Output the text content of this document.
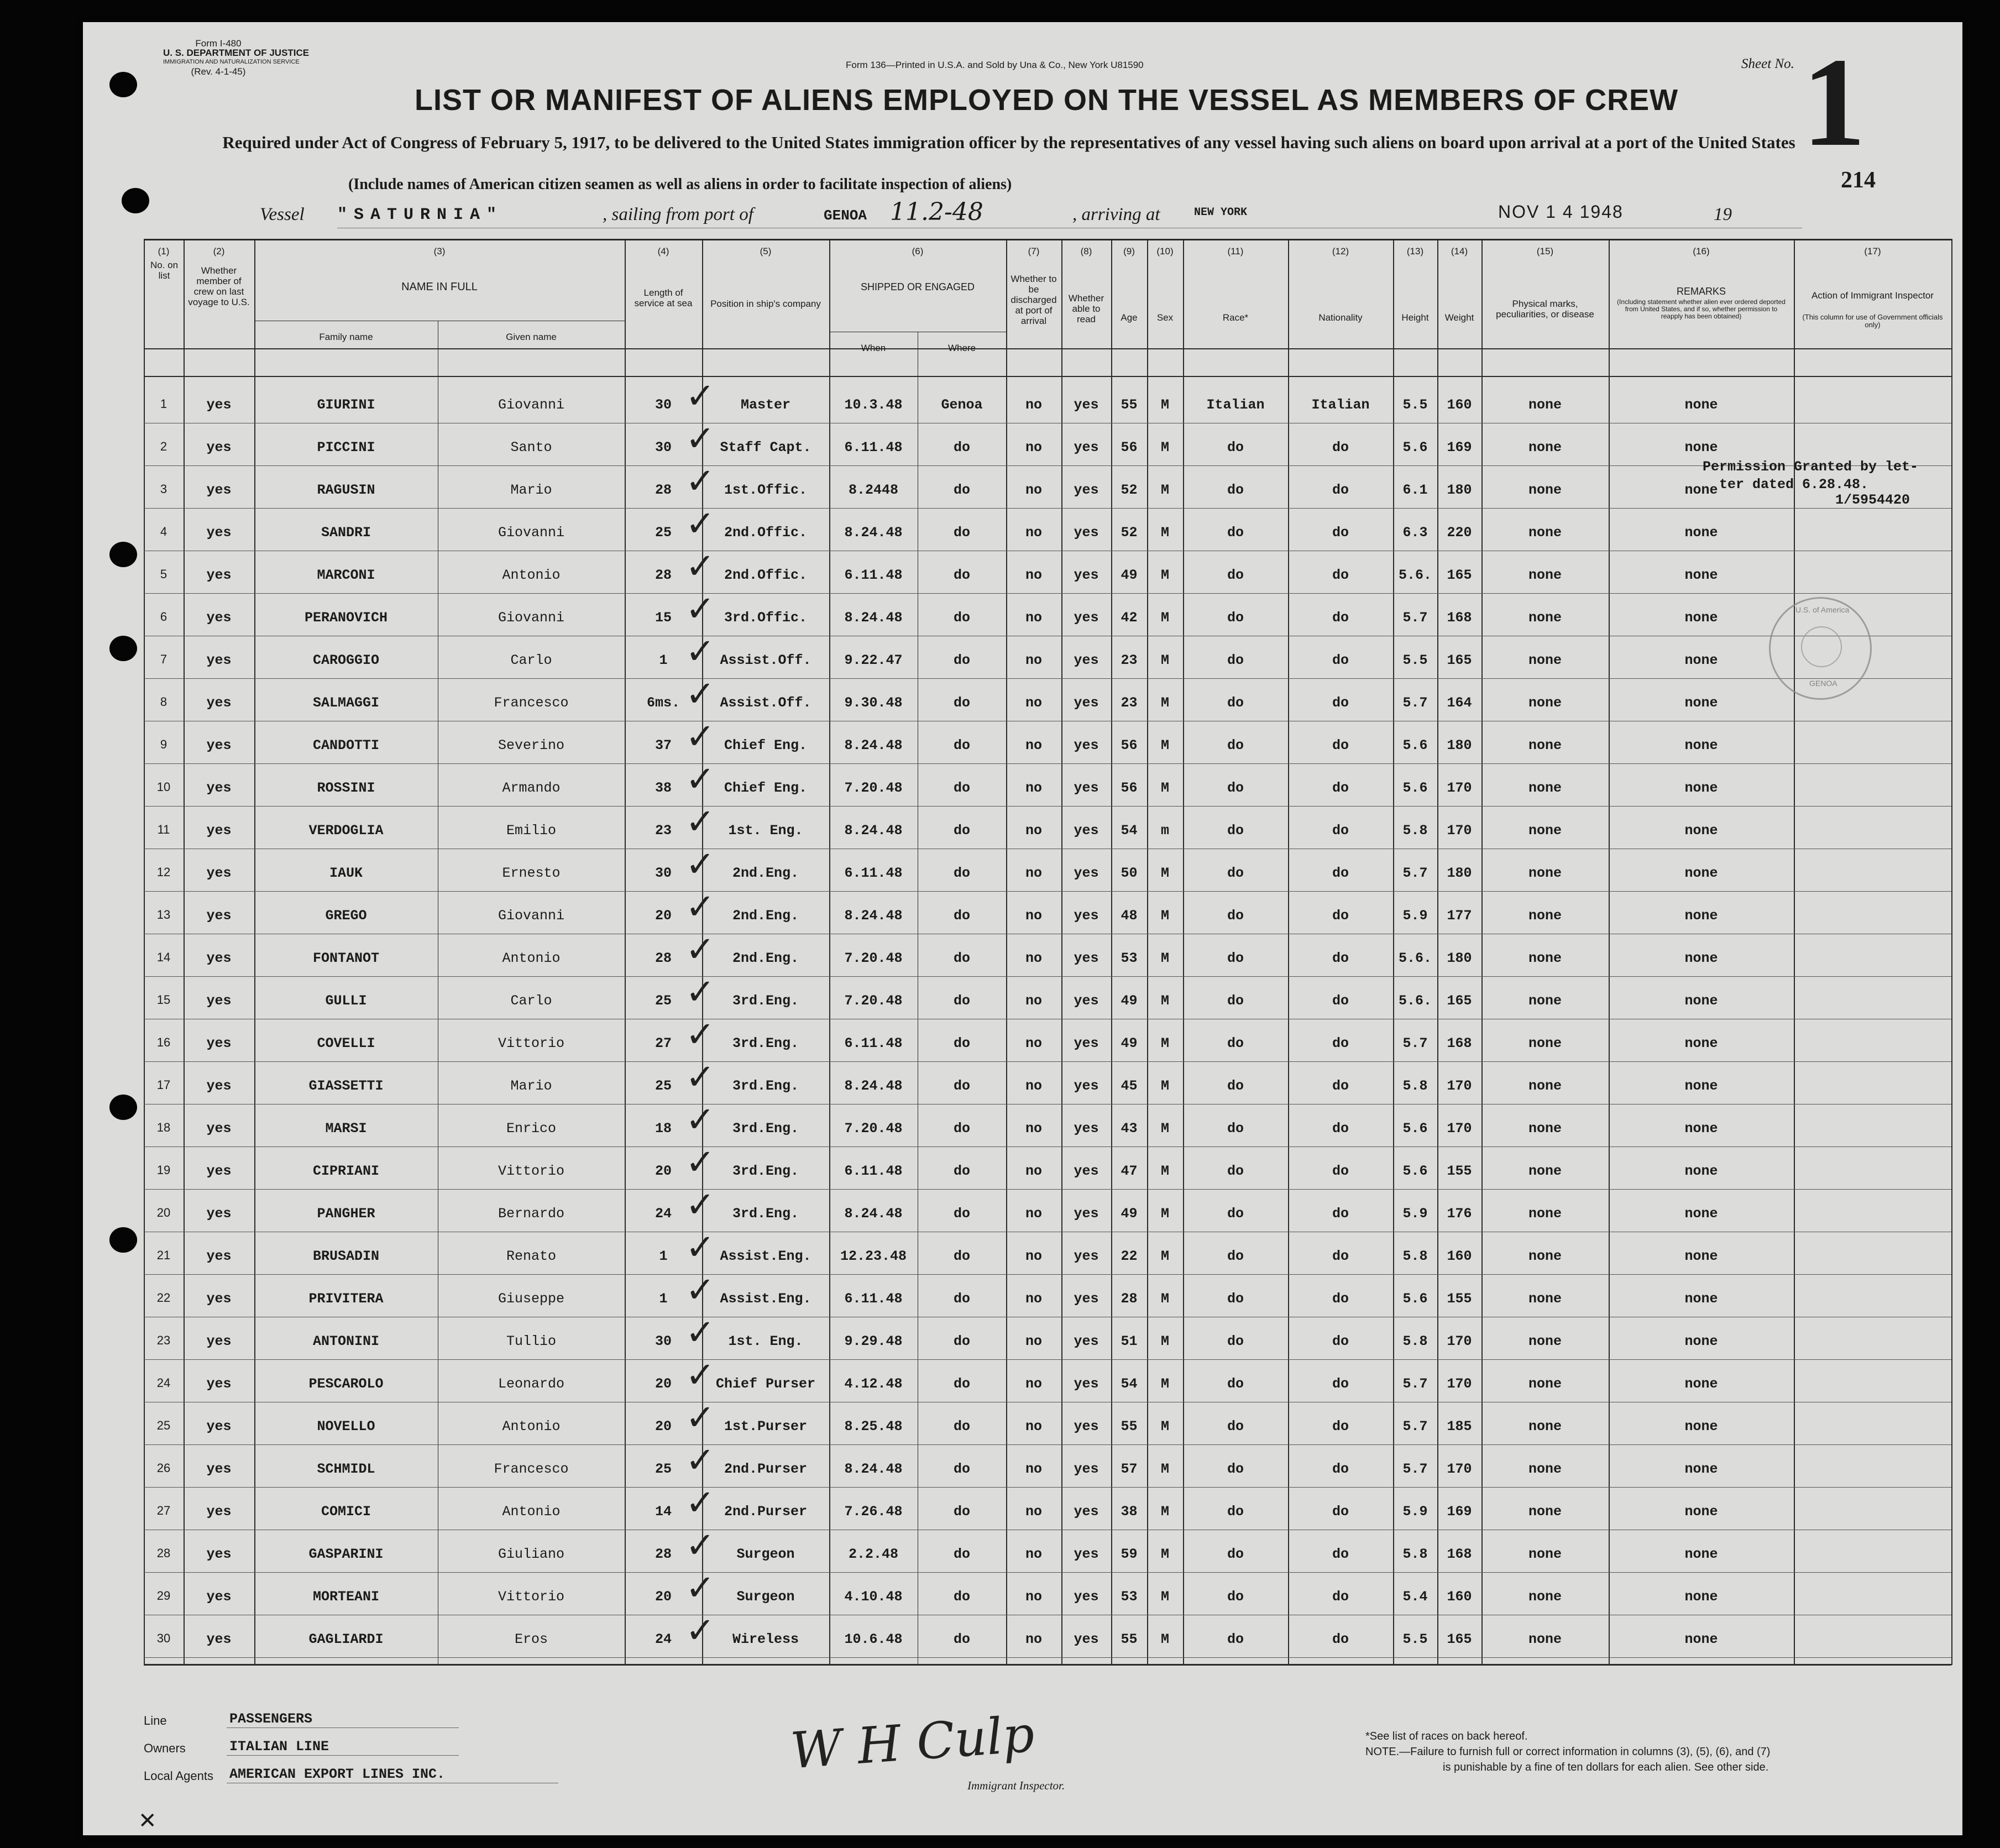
Form I-480
U. S. DEPARTMENT OF JUSTICE
IMMIGRATION AND NATURALIZATION SERVICE
(Rev. 4-1-45)
Form 136—Printed in U.S.A. and Sold by Una & Co., New York U81590	Sheet No. 1
214
LIST OR MANIFEST OF ALIENS EMPLOYED ON THE VESSEL AS MEMBERS OF CREW
Required under Act of Congress of February 5, 1917, to be delivered to the United States immigration officer by the representatives of any vessel having such aliens on board upon arrival at a port of the United States
(Include names of American citizen seamen as well as aliens in order to facilitate inspection of aliens)
Vessel "SATURNIA"	, sailing from port of	GENOA 11.2-48	, arriving at	NEW YORK	NOV 1 4 1948	19
(1)	(2)	(3)	(4)	(5)	(6)	(7)	(8)	(9)	(10)	(11)	(12)	(13)	(14)	(15)	(16)	(17)
No. on list	Whether member of crew on last voyage to U.S.
NAME IN FULL
Family name	Given name
Length of service at sea	Position in ship's company
SHIPPED OR ENGAGED
When	Where
Whether to be discharged at port of arrival
Whether able to read	Age	Sex	Race*	Nationality	Height	Weight
Physical marks, peculiarities, or disease
REMARKS
(Including statement whether alien ever ordered deported from United States, and if so, whether permission to reapply has been obtained)
Action of Immigrant Inspector
(This column for use of Government officials only)
1	yes	GIURINI	Giovanni	30	Master	10.3.48	Genoa	no	yes	55	M	Italian	Italian	5.5	160	none	none
✓
2	yes	PICCINI	Santo	30	Staff Capt.	6.11.48	do	no	yes	56	M	do	do	5.6	169	none	none
✓
3	yes	RAGUSIN	Mario	28	1st.Offic.	8.2448	do	no	yes	52	M	do	do	6.1	180	none	none
✓
4	yes	SANDRI	Giovanni	25	2nd.Offic.	8.24.48	do	no	yes	52	M	do	do	6.3	220	none	none
✓
5	yes	MARCONI	Antonio	28	2nd.Offic.	6.11.48	do	no	yes	49	M	do	do	5.6.	165	none	none
✓
6	yes	PERANOVICH	Giovanni	15	3rd.Offic.	8.24.48	do	no	yes	42	M	do	do	5.7	168	none	none
✓
7	yes	CAROGGIO	Carlo	1	Assist.Off.	9.22.47	do	no	yes	23	M	do	do	5.5	165	none	none
✓
8	yes	SALMAGGI	Francesco	6ms.	Assist.Off.	9.30.48	do	no	yes	23	M	do	do	5.7	164	none	none
✓
9	yes	CANDOTTI	Severino	37	Chief Eng.	8.24.48	do	no	yes	56	M	do	do	5.6	180	none	none
✓
10	yes	ROSSINI	Armando	38	Chief Eng.	7.20.48	do	no	yes	56	M	do	do	5.6	170	none	none
✓
11	yes	VERDOGLIA	Emilio	23	1st. Eng.	8.24.48	do	no	yes	54	m	do	do	5.8	170	none	none
✓
12	yes	IAUK	Ernesto	30	2nd.Eng.	6.11.48	do	no	yes	50	M	do	do	5.7	180	none	none
✓
13	yes	GREGO	Giovanni	20	2nd.Eng.	8.24.48	do	no	yes	48	M	do	do	5.9	177	none	none
✓
14	yes	FONTANOT	Antonio	28	2nd.Eng.	7.20.48	do	no	yes	53	M	do	do	5.6.	180	none	none
✓
15	yes	GULLI	Carlo	25	3rd.Eng.	7.20.48	do	no	yes	49	M	do	do	5.6.	165	none	none
✓
16	yes	COVELLI	Vittorio	27	3rd.Eng.	6.11.48	do	no	yes	49	M	do	do	5.7	168	none	none
✓
17	yes	GIASSETTI	Mario	25	3rd.Eng.	8.24.48	do	no	yes	45	M	do	do	5.8	170	none	none
✓
18	yes	MARSI	Enrico	18	3rd.Eng.	7.20.48	do	no	yes	43	M	do	do	5.6	170	none	none
✓
19	yes	CIPRIANI	Vittorio	20	3rd.Eng.	6.11.48	do	no	yes	47	M	do	do	5.6	155	none	none
✓
20	yes	PANGHER	Bernardo	24	3rd.Eng.	8.24.48	do	no	yes	49	M	do	do	5.9	176	none	none
✓
21	yes	BRUSADIN	Renato	1	Assist.Eng.	12.23.48	do	no	yes	22	M	do	do	5.8	160	none	none
✓
22	yes	PRIVITERA	Giuseppe	1	Assist.Eng.	6.11.48	do	no	yes	28	M	do	do	5.6	155	none	none
✓
23	yes	ANTONINI	Tullio	30	1st. Eng.	9.29.48	do	no	yes	51	M	do	do	5.8	170	none	none
✓
24	yes	PESCAROLO	Leonardo	20	Chief Purser	4.12.48	do	no	yes	54	M	do	do	5.7	170	none	none
✓
25	yes	NOVELLO	Antonio	20	1st.Purser	8.25.48	do	no	yes	55	M	do	do	5.7	185	none	none
✓
26	yes	SCHMIDL	Francesco	25	2nd.Purser	8.24.48	do	no	yes	57	M	do	do	5.7	170	none	none
✓
27	yes	COMICI	Antonio	14	2nd.Purser	7.26.48	do	no	yes	38	M	do	do	5.9	169	none	none
✓
28	yes	GASPARINI	Giuliano	28	Surgeon	2.2.48	do	no	yes	59	M	do	do	5.8	168	none	none
✓
29	yes	MORTEANI	Vittorio	20	Surgeon	4.10.48	do	no	yes	53	M	do	do	5.4	160	none	none
✓
30	yes	GAGLIARDI	Eros	24	Wireless	10.6.48	do	no	yes	55	M	do	do	5.5	165	none	none
✓
Permission Granted by let-
ter dated 6.28.48.
1/5954420
U.S. of America
GENOA
Line	PASSENGERS
Owners	ITALIAN LINE
Local Agents AMERICAN EXPORT LINES INC.
✕
W H Culp
Immigrant Inspector.
*See list of races on back hereof.
NOTE.—Failure to furnish full or correct information in columns (3), (5), (6), and (7)
is punishable by a fine of ten dollars for each alien. See other side.
